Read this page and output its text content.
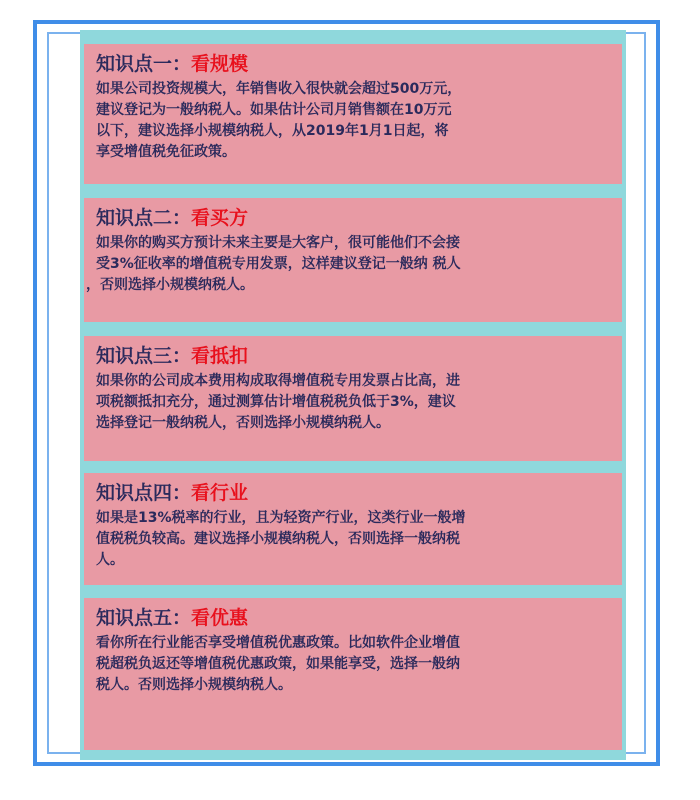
知识点一：看规模

如果公司投资规模大，年销售收入很快就会超过500万元，
建议登记为一般纳税人。如果估计公司月销售额在10万元
以下，建议选择小规模纳税人，从2019年1月1日起，将
享受增值税免征政策。

知识点二：看买方

如果你的购买方预计未来主要是大客户，很可能他们不会接
受3%征收率的增值税专用发票，这样建议登记一般纳 税人
，否则选择小规模纳税人。

知识点三：看抵扣

如果你的公司成本费用构成取得增值税专用发票占比高，进
项税额抵扣充分，通过测算估计增值税税负低于3%，建议
选择登记一般纳税人，否则选择小规模纳税人。

知识点四：看行业

如果是13%税率的行业，且为轻资产行业，这类行业一般增
值税税负较高。建议选择小规模纳税人，否则选择一般纳税
人。

知识点五：看优惠

看你所在行业能否享受增值税优惠政策。比如软件企业增值
税超税负返还等增值税优惠政策，如果能享受，选择一般纳
税人。否则选择小规模纳税人。
